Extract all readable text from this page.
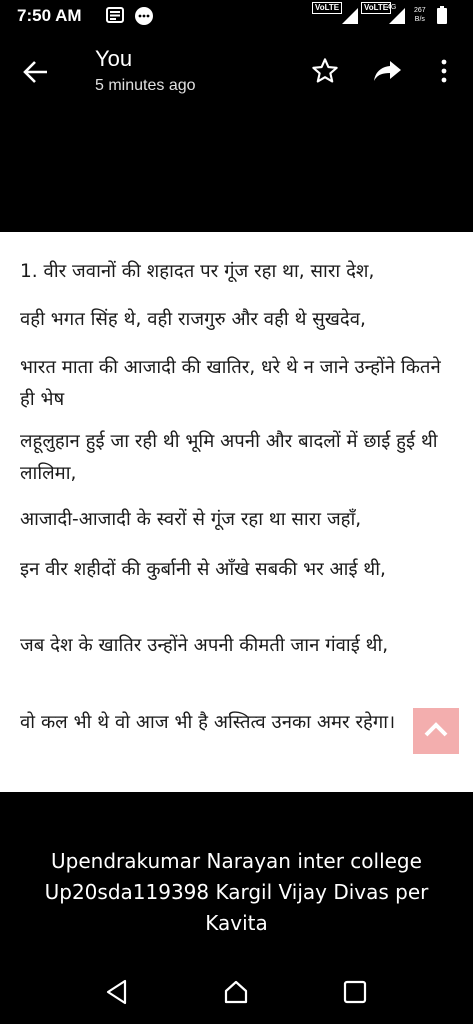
7:50 AM	VoLTE	VoLTE
4G	267
B/s
You
5 minutes ago

1. वीर जवानों की शहादत पर गूंज रहा था, सारा देश,

वही भगत सिंह थे, वही राजगुरु और वही थे सुखदेव,

भारत माता की आजादी की खातिर, धरे थे न जाने उन्होंने कितने ही भेष

लहूलुहान हुई जा रही थी भूमि अपनी और बादलों में छाई हुई थी लालिमा,

आजादी-आजादी के स्वरों से गूंज रहा था सारा जहाँ,

इन वीर शहीदों की कुर्बानी से आँखे सबकी भर आई थी,

जब देश के खातिर उन्होंने अपनी कीमती जान गंवाई थी,

वो कल भी थे वो आज भी है अस्तित्व उनका अमर रहेगा।

Upendrakumar Narayan inter college
Up20sda119398 Kargil Vijay Divas per
Kavita
